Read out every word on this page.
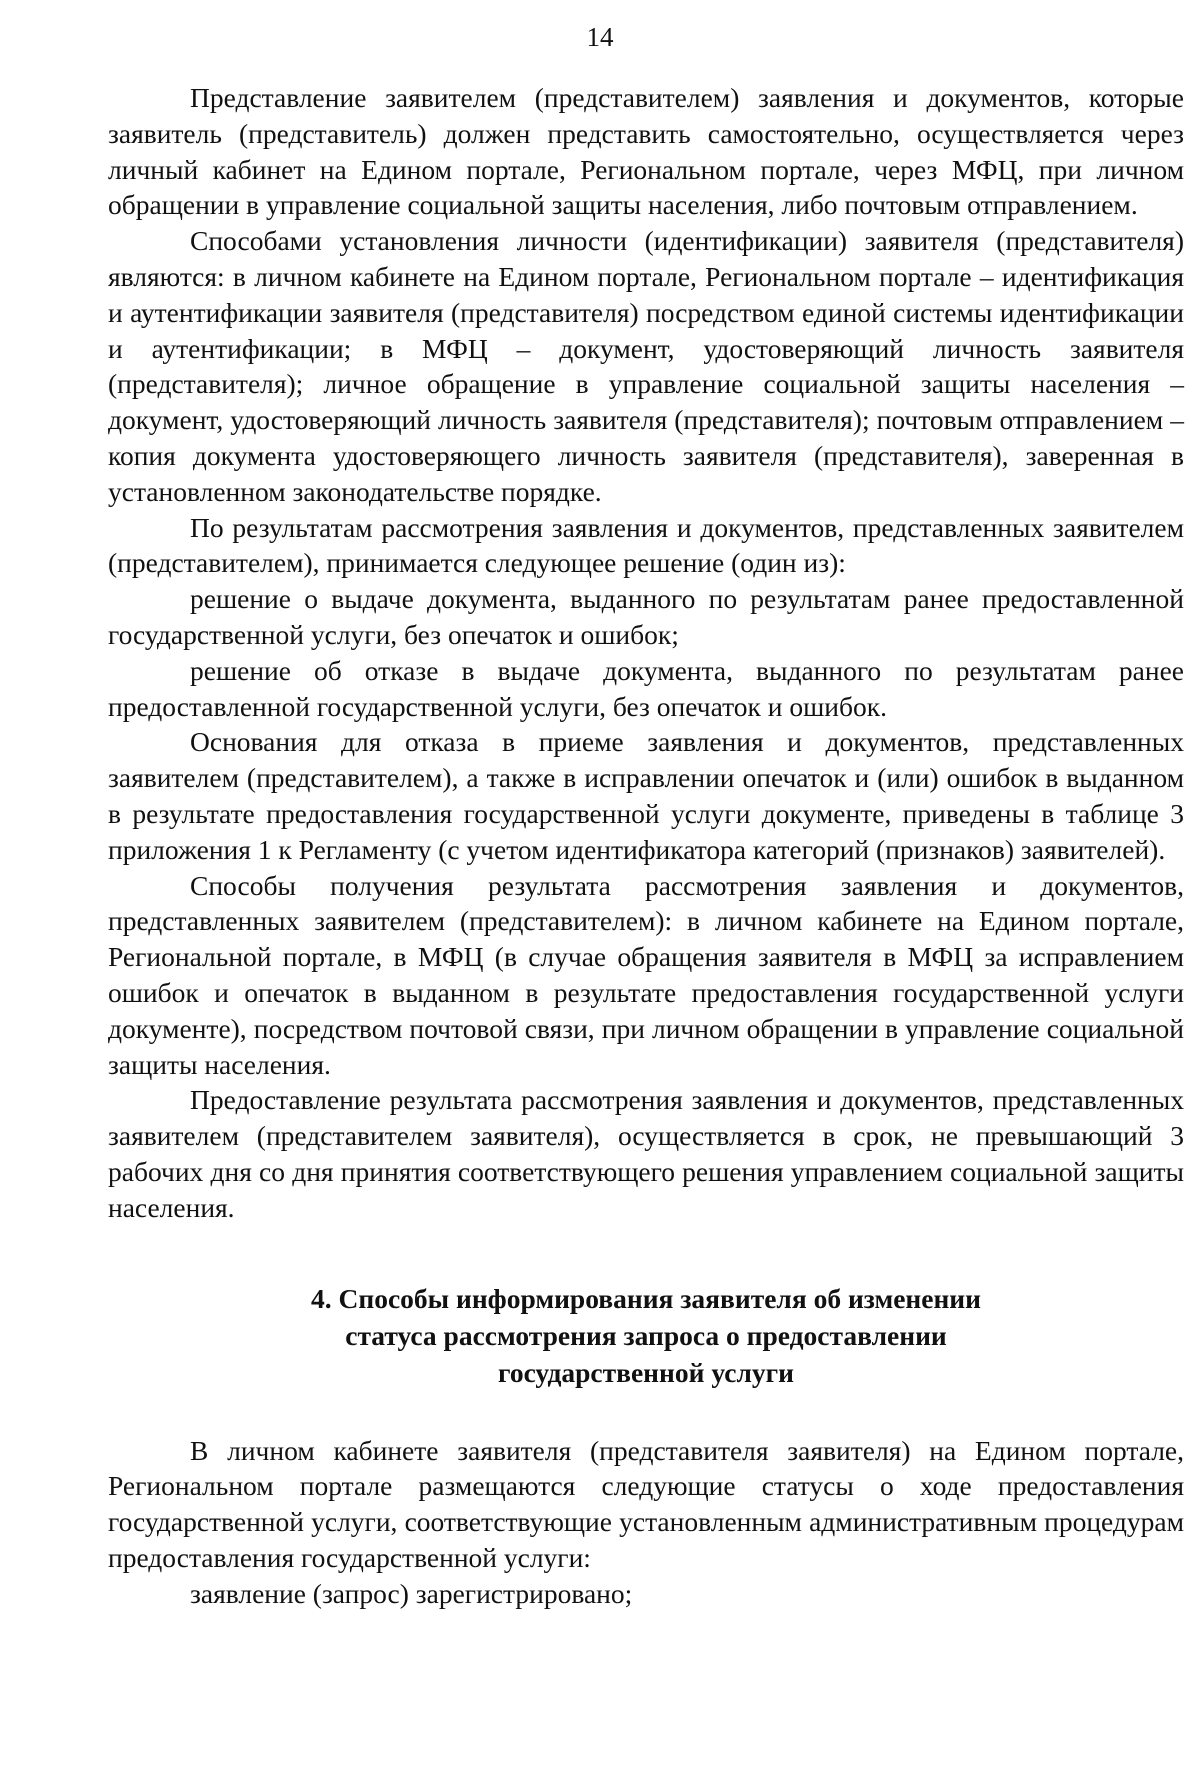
14

Представление заявителем (представителем) заявления и документов, которые заявитель (представитель) должен представить самостоятельно, осуществляется через личный кабинет на Едином портале, Региональном портале, через МФЦ, при личном обращении в управление социальной защиты населения, либо почтовым отправлением.

Способами установления личности (идентификации) заявителя (представителя) являются: в личном кабинете на Едином портале, Региональном портале – идентификация и аутентификации заявителя (представителя) посредством единой системы идентификации и аутентификации; в МФЦ – документ, удостоверяющий личность заявителя (представителя); личное обращение в управление социальной защиты населения – документ, удостоверяющий личность заявителя (представителя); почтовым отправлением – копия документа удостоверяющего личность заявителя (представителя), заверенная в установленном законодательстве порядке.

По результатам рассмотрения заявления и документов, представленных заявителем (представителем), принимается следующее решение (один из):

решение о выдаче документа, выданного по результатам ранее предоставленной государственной услуги, без опечаток и ошибок;

решение об отказе в выдаче документа, выданного по результатам ранее предоставленной государственной услуги, без опечаток и ошибок.

Основания для отказа в приеме заявления и документов, представленных заявителем (представителем), а также в исправлении опечаток и (или) ошибок в выданном в результате предоставления государственной услуги документе, приведены в таблице 3 приложения 1 к Регламенту (с учетом идентификатора категорий (признаков) заявителей).

Способы получения результата рассмотрения заявления и документов, представленных заявителем (представителем): в личном кабинете на Едином портале, Региональной портале, в МФЦ (в случае обращения заявителя в МФЦ за исправлением ошибок и опечаток в выданном в результате предоставления государственной услуги документе), посредством почтовой связи, при личном обращении в управление социальной защиты населения.

Предоставление результата рассмотрения заявления и документов, представленных заявителем (представителем заявителя), осуществляется в срок, не превышающий 3 рабочих дня со дня принятия соответствующего решения управлением социальной защиты населения.

4. Способы информирования заявителя об изменении
статуса рассмотрения запроса о предоставлении
государственной услуги

В личном кабинете заявителя (представителя заявителя) на Едином портале, Региональном портале размещаются следующие статусы о ходе предоставления государственной услуги, соответствующие установленным административным процедурам предоставления государственной услуги:

заявление (запрос) зарегистрировано;
